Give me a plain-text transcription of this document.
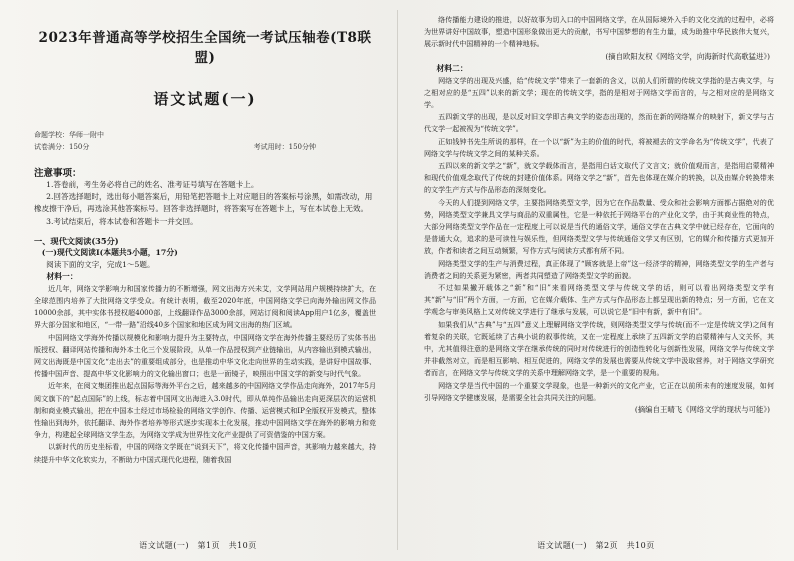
2023年普通高等学校招生全国统一考试压轴卷(T8联盟)
语文试题(一)
命题学校：华师一附中
试卷满分：150分	考试用时：150分钟
注意事项：
1.答卷前，考生务必将自己的姓名、准考证号填写在答题卡上。
2.回答选择题时，选出每小题答案后，用铅笔把答题卡上对应题目的答案标号涂黑，如需改动，用橡皮擦干净后，再选涂其他答案标号。回答非选择题时，将答案写在答题卡上，写在本试卷上无效。
3.考试结束后，将本试卷和答题卡一并交回。
一、现代文阅读(35分)
(一)现代文阅读Ⅰ(本题共5小题，17分)
阅读下面的文字，完成1～5题。
材料一：
近几年，网络文学影响力和国家传播力的不断增强，网文出海方兴未艾，文学网站用户规模持续扩大，在全球范围内培养了大批网络文学受众。有统计表明，截至2020年底，中国网络文学已向海外输出网文作品10000余部，其中实体书授权超4000部，上线翻译作品3000余部，网站订阅和阅读App用户1亿多，覆盖世界大部分国家和地区，“一带一路”沿线40多个国家和地区成为网文出海的热门区域。
中国网络文学海外传播以规模化和影响力提升为主要特点，中国网络文学在海外传播主要经历了实体书出版授权、翻译网站传播和海外本土化三个发展阶段，从单一作品授权到产业链输出，从内容输出到模式输出，网文出海既是中国文化“走出去”的重要组成部分，也是推动中华文化走向世界的生动实践，是讲好中国故事、传播中国声音、提高中华文化影响力的文化输出窗口；也是一面镜子，映照出中国文学的新变与时代气象。
近年来，在阅文集团推出起点国际等海外平台之后，越来越多的中国网络文学作品走向海外，2017年5月阅文旗下的“起点国际”的上线，标志着中国网文出海进入3.0时代，即从单纯作品输出走向更深层次的运营机制和商业模式输出，把在中国本土经过市场检验的网络文学创作、传播、运营模式和IP全版权开发模式，整体性输出到海外，依托翻译、海外作者培养等形式逐步实现本土化发展，推动中国网络文学在海外的影响力和竞争力，构建起全球网络文学生态，为网络文学成为世界性文化产业提供了可资借鉴的中国方案。
以新时代的历史坐标看，中国的网络文学既在“说到天下”，将文化传播中国声音，其影响力越来越大，持续提升中华文化软实力，不断助力中国式现代化进程，随着我国
语文试题(一)　第1页　共10页
络传播能力建设的推进，以好故事为切入口的中国网络文学，在从国际境外入手的文化交流的过程中，必将为世界讲好中国故事，塑造中国形象做出更大的贡献，书写中国梦想的有生力量，成为助推中华民族伟大复兴，展示新时代中国精神的一个精神地标。
(摘自欧阳友权《网络文学，向海新时代高歌猛进》)
材料二：
网络文学的出现及兴盛，给“传统文学”带来了一套新的含义，以前人们所谓的传统文学指的是古典文学，与之相对应的是“五四”以来的新文学；现在的传统文学，指的是相对于网络文学而言的，与之相对应的是网络文学。
五四新文学的出现，是以反对旧文学即古典文学的姿态出现的，然而在新的网络媒介的映射下，新文学与古代文学一起被视为“传统文学”。
正如钱钟书先生所说的那样，在一个以“新”为主的价值的时代，将被褪去的文学命名为“传统文学”，代表了网络文学与传统文学之间的某种关系。
五四以来的新文学之“新”，就文学载体而言，是指用白话文取代了文言文；就价值观而言，是指用启蒙精神和现代价值观念取代了传统的封建价值体系。网络文学之“新”，首先也体现在媒介的转换，以及由媒介转换带来的文学生产方式与作品形态的深刻变化。
今天的人们提到网络文学，主要指网络类型文学，因为它在作品数量、受众和社会影响方面都占据绝对的优势，网络类型文学兼具文学与商品的双重属性，它是一种依托于网络平台的产业化文学，由于其商业性的特点，大部分网络类型文学作品在一定程度上可以说是当代的通俗文学，通俗文学在古典文学中就已经存在，它面向的是普通大众，追求的是可读性与娱乐性，但网络类型文学与传统通俗文学又有区别，它的媒介和传播方式更加开放，作者和读者之间互动频繁，写作方式与阅读方式都有所不同。
网络类型文学的生产与消费过程，真正体现了“顾客就是上帝”这一经济学的精神，网络类型文学的生产者与消费者之间的关系更为紧密，两者共同塑造了网络类型文学的面貌。
不过如果撇开载体之“新”和“旧”来看网络类型文学与传统文学的话，则可以看出网络类型文学有其“新”与“旧”两个方面，一方面，它在媒介载体、生产方式与作品形态上都呈现出新的特点；另一方面，它在文学观念与审美风格上又对传统文学进行了继承与发展，可以说它是“旧中有新，新中有旧”。
如果我们从“古典”与“五四”意义上理解网络文学传统，则网络类型文学与传统(而不一定是传统文学)之间有着复杂的关联，它既延续了古典小说的叙事传统，又在一定程度上承续了五四新文学的启蒙精神与人文关怀，其中，尤其值得注意的是网络文学在继承传统的同时对传统进行的创造性转化与创新性发展，网络文学与传统文学并非截然对立，而是相互影响、相互促进的，网络文学的发展也需要从传统文学中汲取营养，对于网络文学研究者而言，在网络文学与传统文学的关系中理解网络文学，是一个重要的视角。
网络文学是当代中国的一个重要文学现象，也是一种新兴的文化产业，它正在以前所未有的速度发展，如何引导网络文学健康发展，是需要全社会共同关注的问题。
(摘编自王晴飞《网络文学的现状与可能》)
语文试题(一)　第2页　共10页
